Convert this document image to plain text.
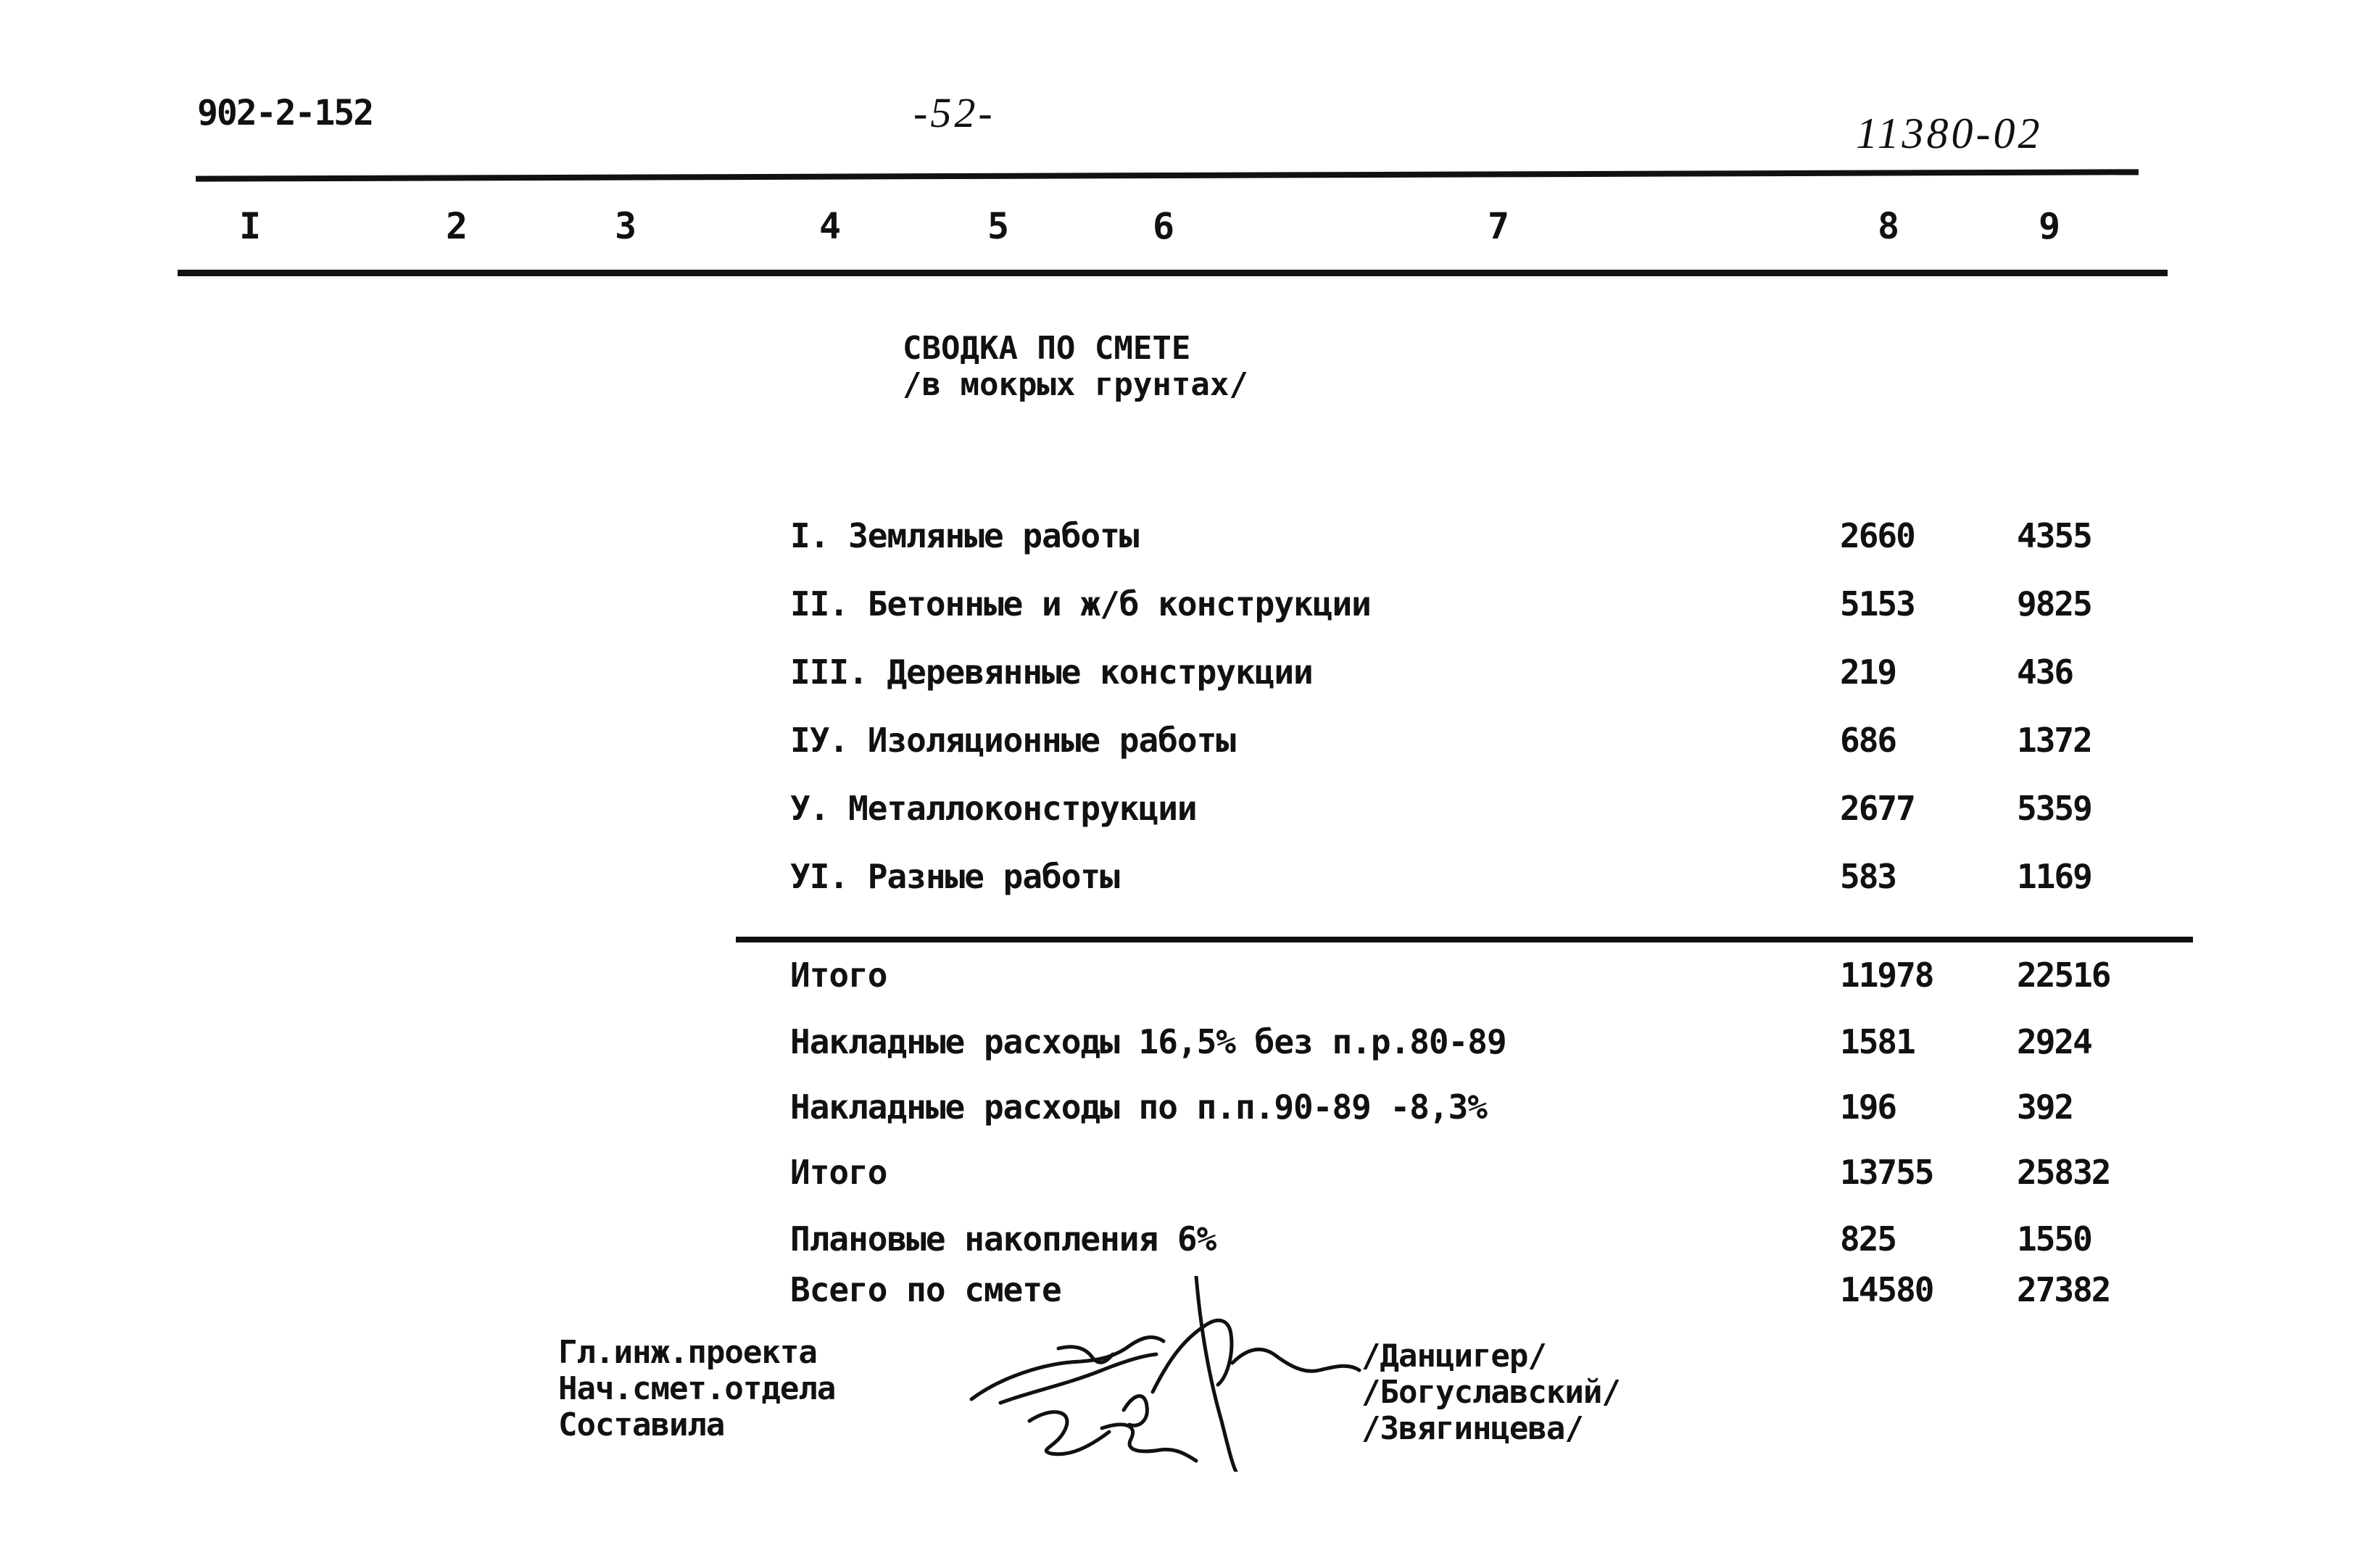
902-2-152	-52-	11380-02
I	2	3	4	5	6	7	8	9
СВОДКА ПО СМЕТЕ
/в мокрых грунтах/
I. Земляные работы	2660	4355
II. Бетонные и ж/б конструкции	5153	9825
III. Деревянные конструкции	219	436
IУ. Изоляционные работы	686	1372
У. Металлоконструкции	2677	5359
УI. Разные работы	583	1169
Итого	11978	22516
Накладные расходы 16,5% без п.р.80-89	1581	2924
Накладные расходы по п.п.90-89 -8,3%	196	392
Итого	13755	25832
Плановые накопления 6%	825	1550
Всего по смете	14580	27382
Гл.инж.проекта
Нач.смет.отдела
Составила
/Данцигер/
/Богуславский/
/Звягинцева/
